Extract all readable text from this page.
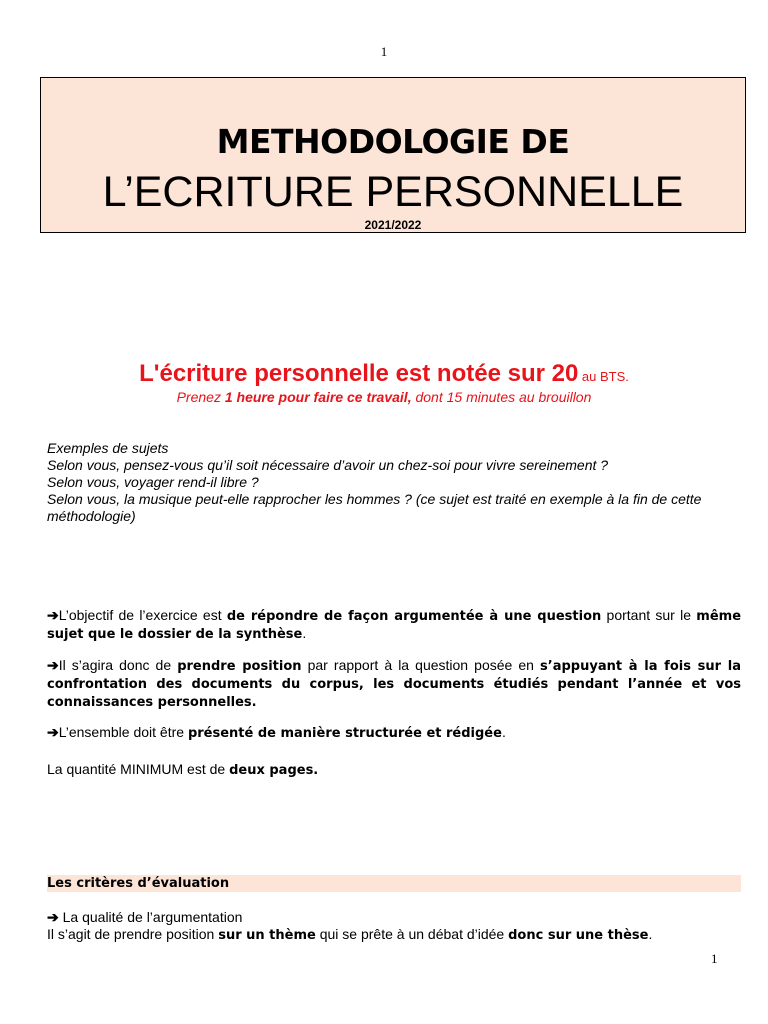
1
METHODOLOGIE DE
L’ECRITURE PERSONNELLE
2021/2022
L'écriture personnelle est notée sur 20 au BTS.
Prenez 1 heure pour faire ce travail, dont 15 minutes au brouillon
Exemples de sujets
Selon vous, pensez-vous qu’il soit nécessaire d’avoir un chez-soi pour vivre sereinement ?
Selon vous, voyager rend-il libre ?
Selon vous, la musique peut-elle rapprocher les hommes ? (ce sujet est traité en exemple à la fin de cette méthodologie)
➔L’objectif de l’exercice est de répondre de façon argumentée à une question portant sur le même sujet que le dossier de la synthèse.
➔Il s’agira donc de prendre position par rapport à la question posée en s’appuyant à la fois sur la confrontation des documents du corpus, les documents étudiés pendant l’année et vos connaissances personnelles.
➔L’ensemble doit être présenté de manière structurée et rédigée.
La quantité MINIMUM est de deux pages.
Les critères d’évaluation
➔ La qualité de l’argumentation
Il s’agit de prendre position sur un thème qui se prête à un débat d’idée donc sur une thèse.
1
